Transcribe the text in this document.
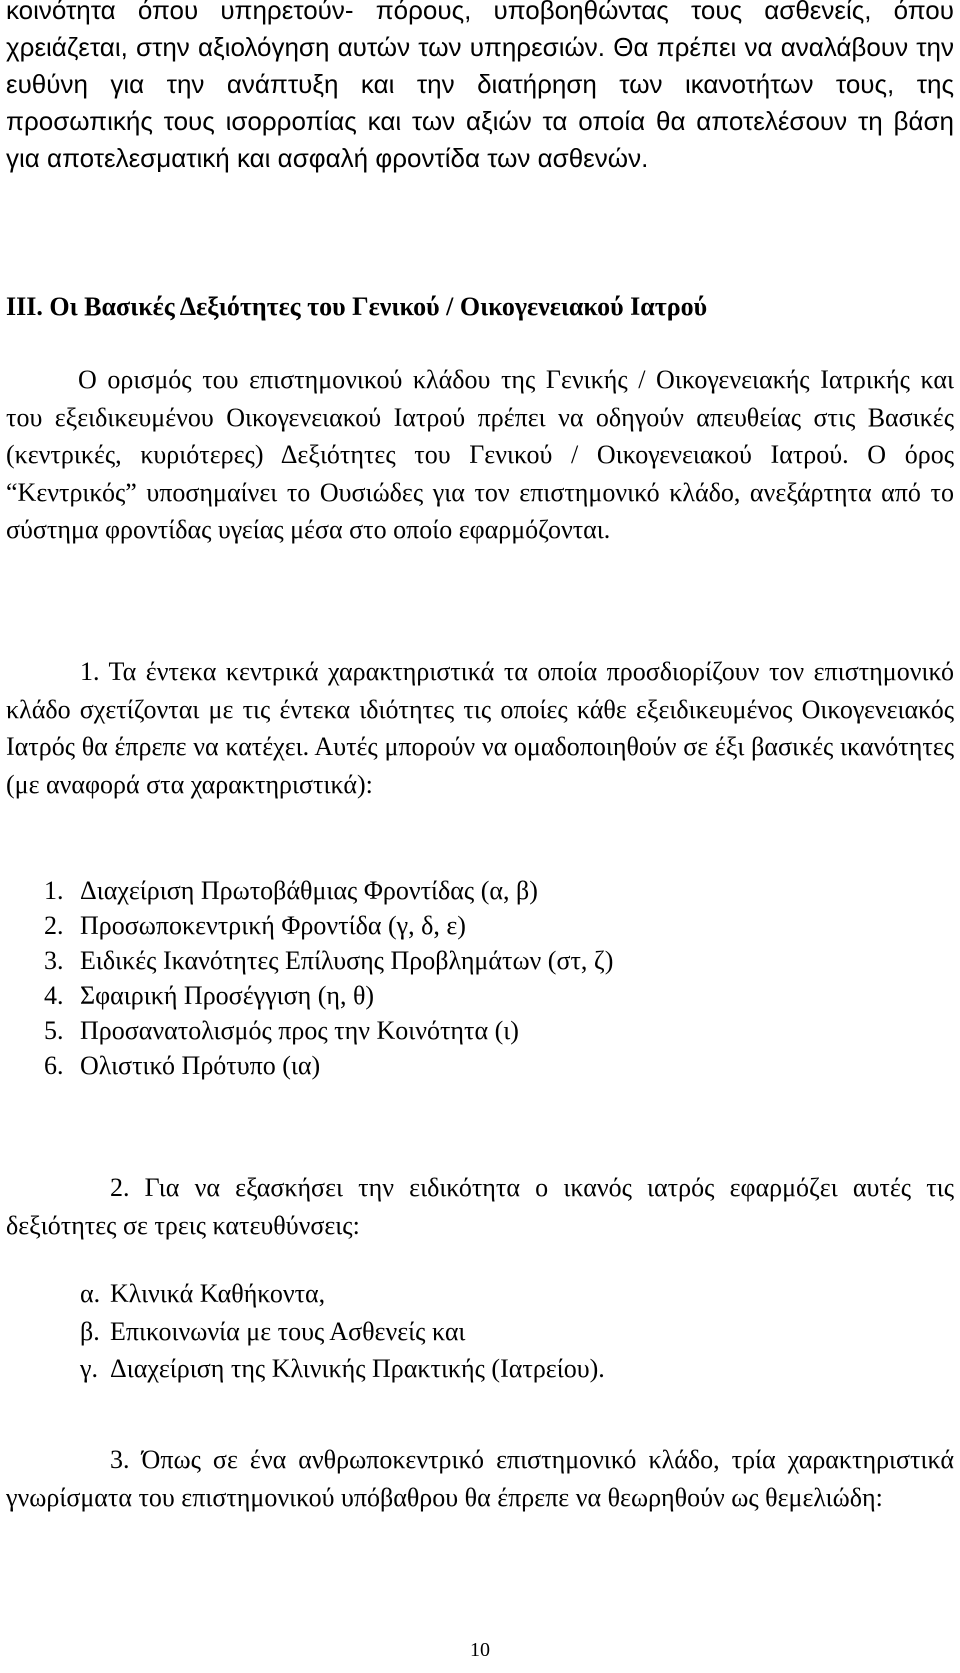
κοινότητα όπου υπηρετούν- πόρους, υποβοηθώντας τους ασθενείς, όπου χρειάζεται, στην αξιολόγηση αυτών των υπηρεσιών. Θα πρέπει να αναλάβουν την ευθύνη για την ανάπτυξη και την διατήρηση των ικανοτήτων τους, της προσωπικής τους ισορροπίας και των αξιών τα οποία θα αποτελέσουν τη βάση για αποτελεσματική και ασφαλή φροντίδα των ασθενών.

III. Οι Βασικές Δεξιότητες του Γενικού / Οικογενειακού Ιατρού

Ο ορισμός του επιστημονικού κλάδου της Γενικής / Οικογενειακής Ιατρικής και του εξειδικευμένου Οικογενειακού Ιατρού πρέπει να οδηγούν απευθείας στις Βασικές (κεντρικές, κυριότερες) Δεξιότητες του Γενικού / Οικογενειακού Ιατρού. Ο όρος “Κεντρικός” υποσημαίνει το Ουσιώδες για τον επιστημονικό κλάδο, ανεξάρτητα από το σύστημα φροντίδας υγείας μέσα στο οποίο εφαρμόζονται.

1. Τα έντεκα κεντρικά χαρακτηριστικά τα οποία προσδιορίζουν τον επιστημονικό κλάδο σχετίζονται με τις έντεκα ιδιότητες τις οποίες κάθε εξειδικευμένος Οικογενειακός Ιατρός θα έπρεπε να κατέχει. Αυτές μπορούν να ομαδοποιηθούν σε έξι βασικές ικανότητες (με αναφορά στα χαρακτηριστικά):

1. Διαχείριση Πρωτοβάθμιας Φροντίδας (α, β)
2. Προσωποκεντρική Φροντίδα (γ, δ, ε)
3. Ειδικές Ικανότητες Επίλυσης Προβλημάτων (στ, ζ)
4. Σφαιρική Προσέγγιση (η, θ)
5. Προσανατολισμός προς την Κοινότητα (ι)
6. Ολιστικό Πρότυπο (ια)

2. Για να εξασκήσει την ειδικότητα ο ικανός ιατρός εφαρμόζει αυτές τις δεξιότητες σε τρεις κατευθύνσεις:

α. Κλινικά Καθήκοντα,
β. Επικοινωνία με τους Ασθενείς και
γ. Διαχείριση της Κλινικής Πρακτικής (Ιατρείου).

3. Όπως σε ένα ανθρωποκεντρικό επιστημονικό κλάδο, τρία χαρακτηριστικά γνωρίσματα του επιστημονικού υπόβαθρου θα έπρεπε να θεωρηθούν ως θεμελιώδη:

10
